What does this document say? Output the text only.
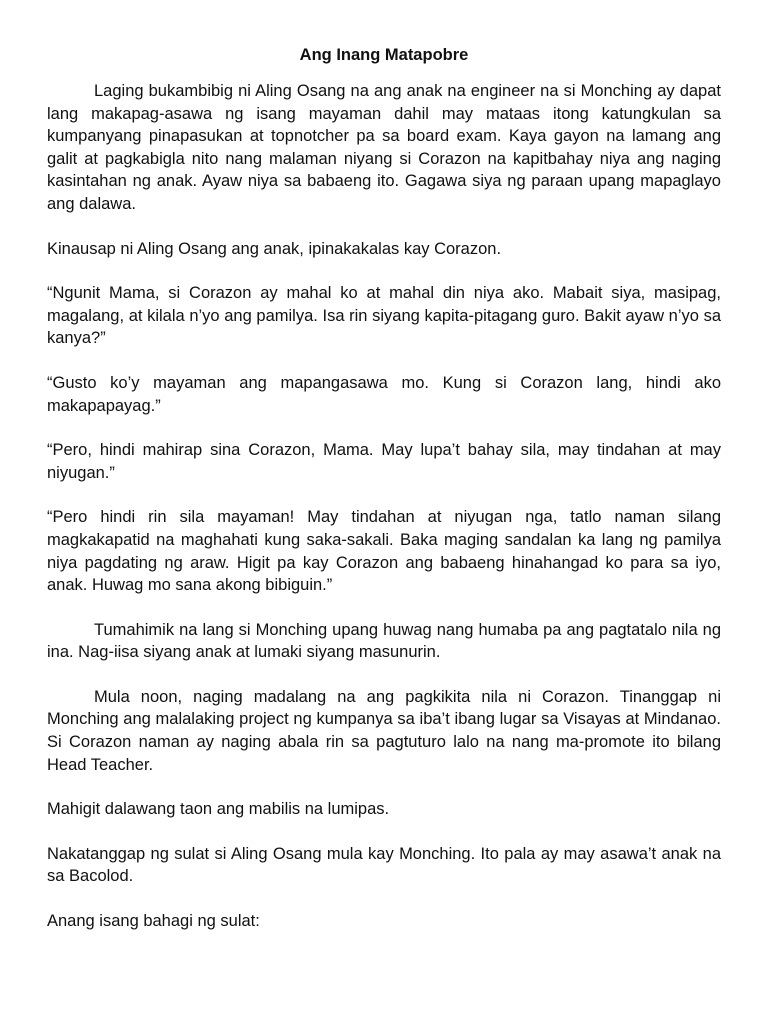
Ang Inang Matapobre

Laging bukambibig ni Aling Osang na ang anak na engineer na si Monching ay dapat lang makapag-asawa ng isang mayaman dahil may mataas itong katungkulan sa kumpanyang pinapasukan at topnotcher pa sa board exam. Kaya gayon na lamang ang galit at pagkabigla nito nang malaman niyang si Corazon na kapitbahay niya ang naging kasintahan ng anak. Ayaw niya sa babaeng ito. Gagawa siya ng paraan upang mapaglayo ang dalawa.

Kinausap ni Aling Osang ang anak, ipinakakalas kay Corazon.

“Ngunit Mama, si Corazon ay mahal ko at mahal din niya ako. Mabait siya, masipag, magalang, at kilala n’yo ang pamilya. Isa rin siyang kapita-pitagang guro. Bakit ayaw n’yo sa kanya?”

“Gusto ko’y mayaman ang mapangasawa mo. Kung si Corazon lang, hindi ako makapapayag.”

“Pero, hindi mahirap sina Corazon, Mama. May lupa’t bahay sila, may tindahan at may niyugan.”

“Pero hindi rin sila mayaman! May tindahan at niyugan nga, tatlo naman silang magkakapatid na maghahati kung saka-sakali. Baka maging sandalan ka lang ng pamilya niya pagdating ng araw. Higit pa kay Corazon ang babaeng hinahangad ko para sa iyo, anak. Huwag mo sana akong bibiguin.”

Tumahimik na lang si Monching upang huwag nang humaba pa ang pagtatalo nila ng ina. Nag-iisa siyang anak at lumaki siyang masunurin.

Mula noon, naging madalang na ang pagkikita nila ni Corazon. Tinanggap ni Monching ang malalaking project ng kumpanya sa iba’t ibang lugar sa Visayas at Mindanao. Si Corazon naman ay naging abala rin sa pagtuturo lalo na nang ma-promote ito bilang Head Teacher.

Mahigit dalawang taon ang mabilis na lumipas.

Nakatanggap ng sulat si Aling Osang mula kay Monching. Ito pala ay may asawa’t anak na sa Bacolod.

Anang isang bahagi ng sulat:
